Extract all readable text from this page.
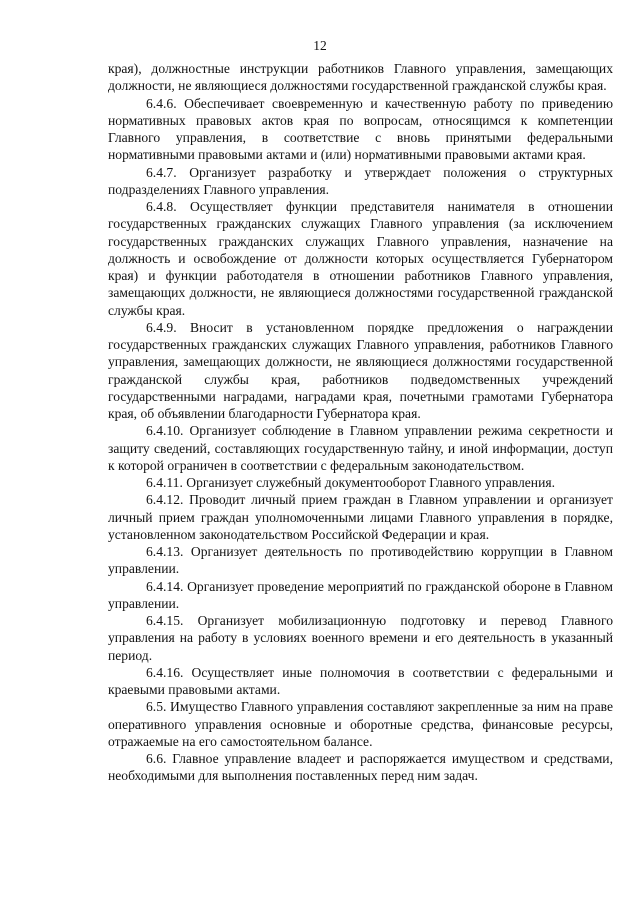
12

края), должностные инструкции работников Главного управления, замещающих должности, не являющиеся должностями государственной гражданской службы края.

6.4.6. Обеспечивает своевременную и качественную работу по приведению нормативных правовых актов края по вопросам, относящимся к компетенции Главного управления, в соответствие с вновь принятыми федеральными нормативными правовыми актами и (или) нормативными правовыми актами края.

6.4.7. Организует разработку и утверждает положения о структурных подразделениях Главного управления.

6.4.8. Осуществляет функции представителя нанимателя в отношении государственных гражданских служащих Главного управления (за исключением государственных гражданских служащих Главного управления, назначение на должность и освобождение от должности которых осуществляется Губернатором края) и функции работодателя в отношении работников Главного управления, замещающих должности, не являющиеся должностями государственной гражданской службы края.

6.4.9. Вносит в установленном порядке предложения о награждении государственных гражданских служащих Главного управления, работников Главного управления, замещающих должности, не являющиеся должностями государственной гражданской службы края, работников подведомственных учреждений государственными наградами, наградами края, почетными грамотами Губернатора края, об объявлении благодарности Губернатора края.

6.4.10. Организует соблюдение в Главном управлении режима секретности и защиту сведений, составляющих государственную тайну, и иной информации, доступ к которой ограничен в соответствии с федеральным законодательством.

6.4.11. Организует служебный документооборот Главного управления.

6.4.12. Проводит личный прием граждан в Главном управлении и организует личный прием граждан уполномоченными лицами Главного управления в порядке, установленном законодательством Российской Федерации и края.

6.4.13. Организует деятельность по противодействию коррупции в Главном управлении.

6.4.14. Организует проведение мероприятий по гражданской обороне в Главном управлении.

6.4.15. Организует мобилизационную подготовку и перевод Главного управления на работу в условиях военного времени и его деятельность в указанный период.

6.4.16. Осуществляет иные полномочия в соответствии с федеральными и краевыми правовыми актами.

6.5. Имущество Главного управления составляют закрепленные за ним на праве оперативного управления основные и оборотные средства, финансовые ресурсы, отражаемые на его самостоятельном балансе.

6.6. Главное управление владеет и распоряжается имуществом и средствами, необходимыми для выполнения поставленных перед ним задач.
